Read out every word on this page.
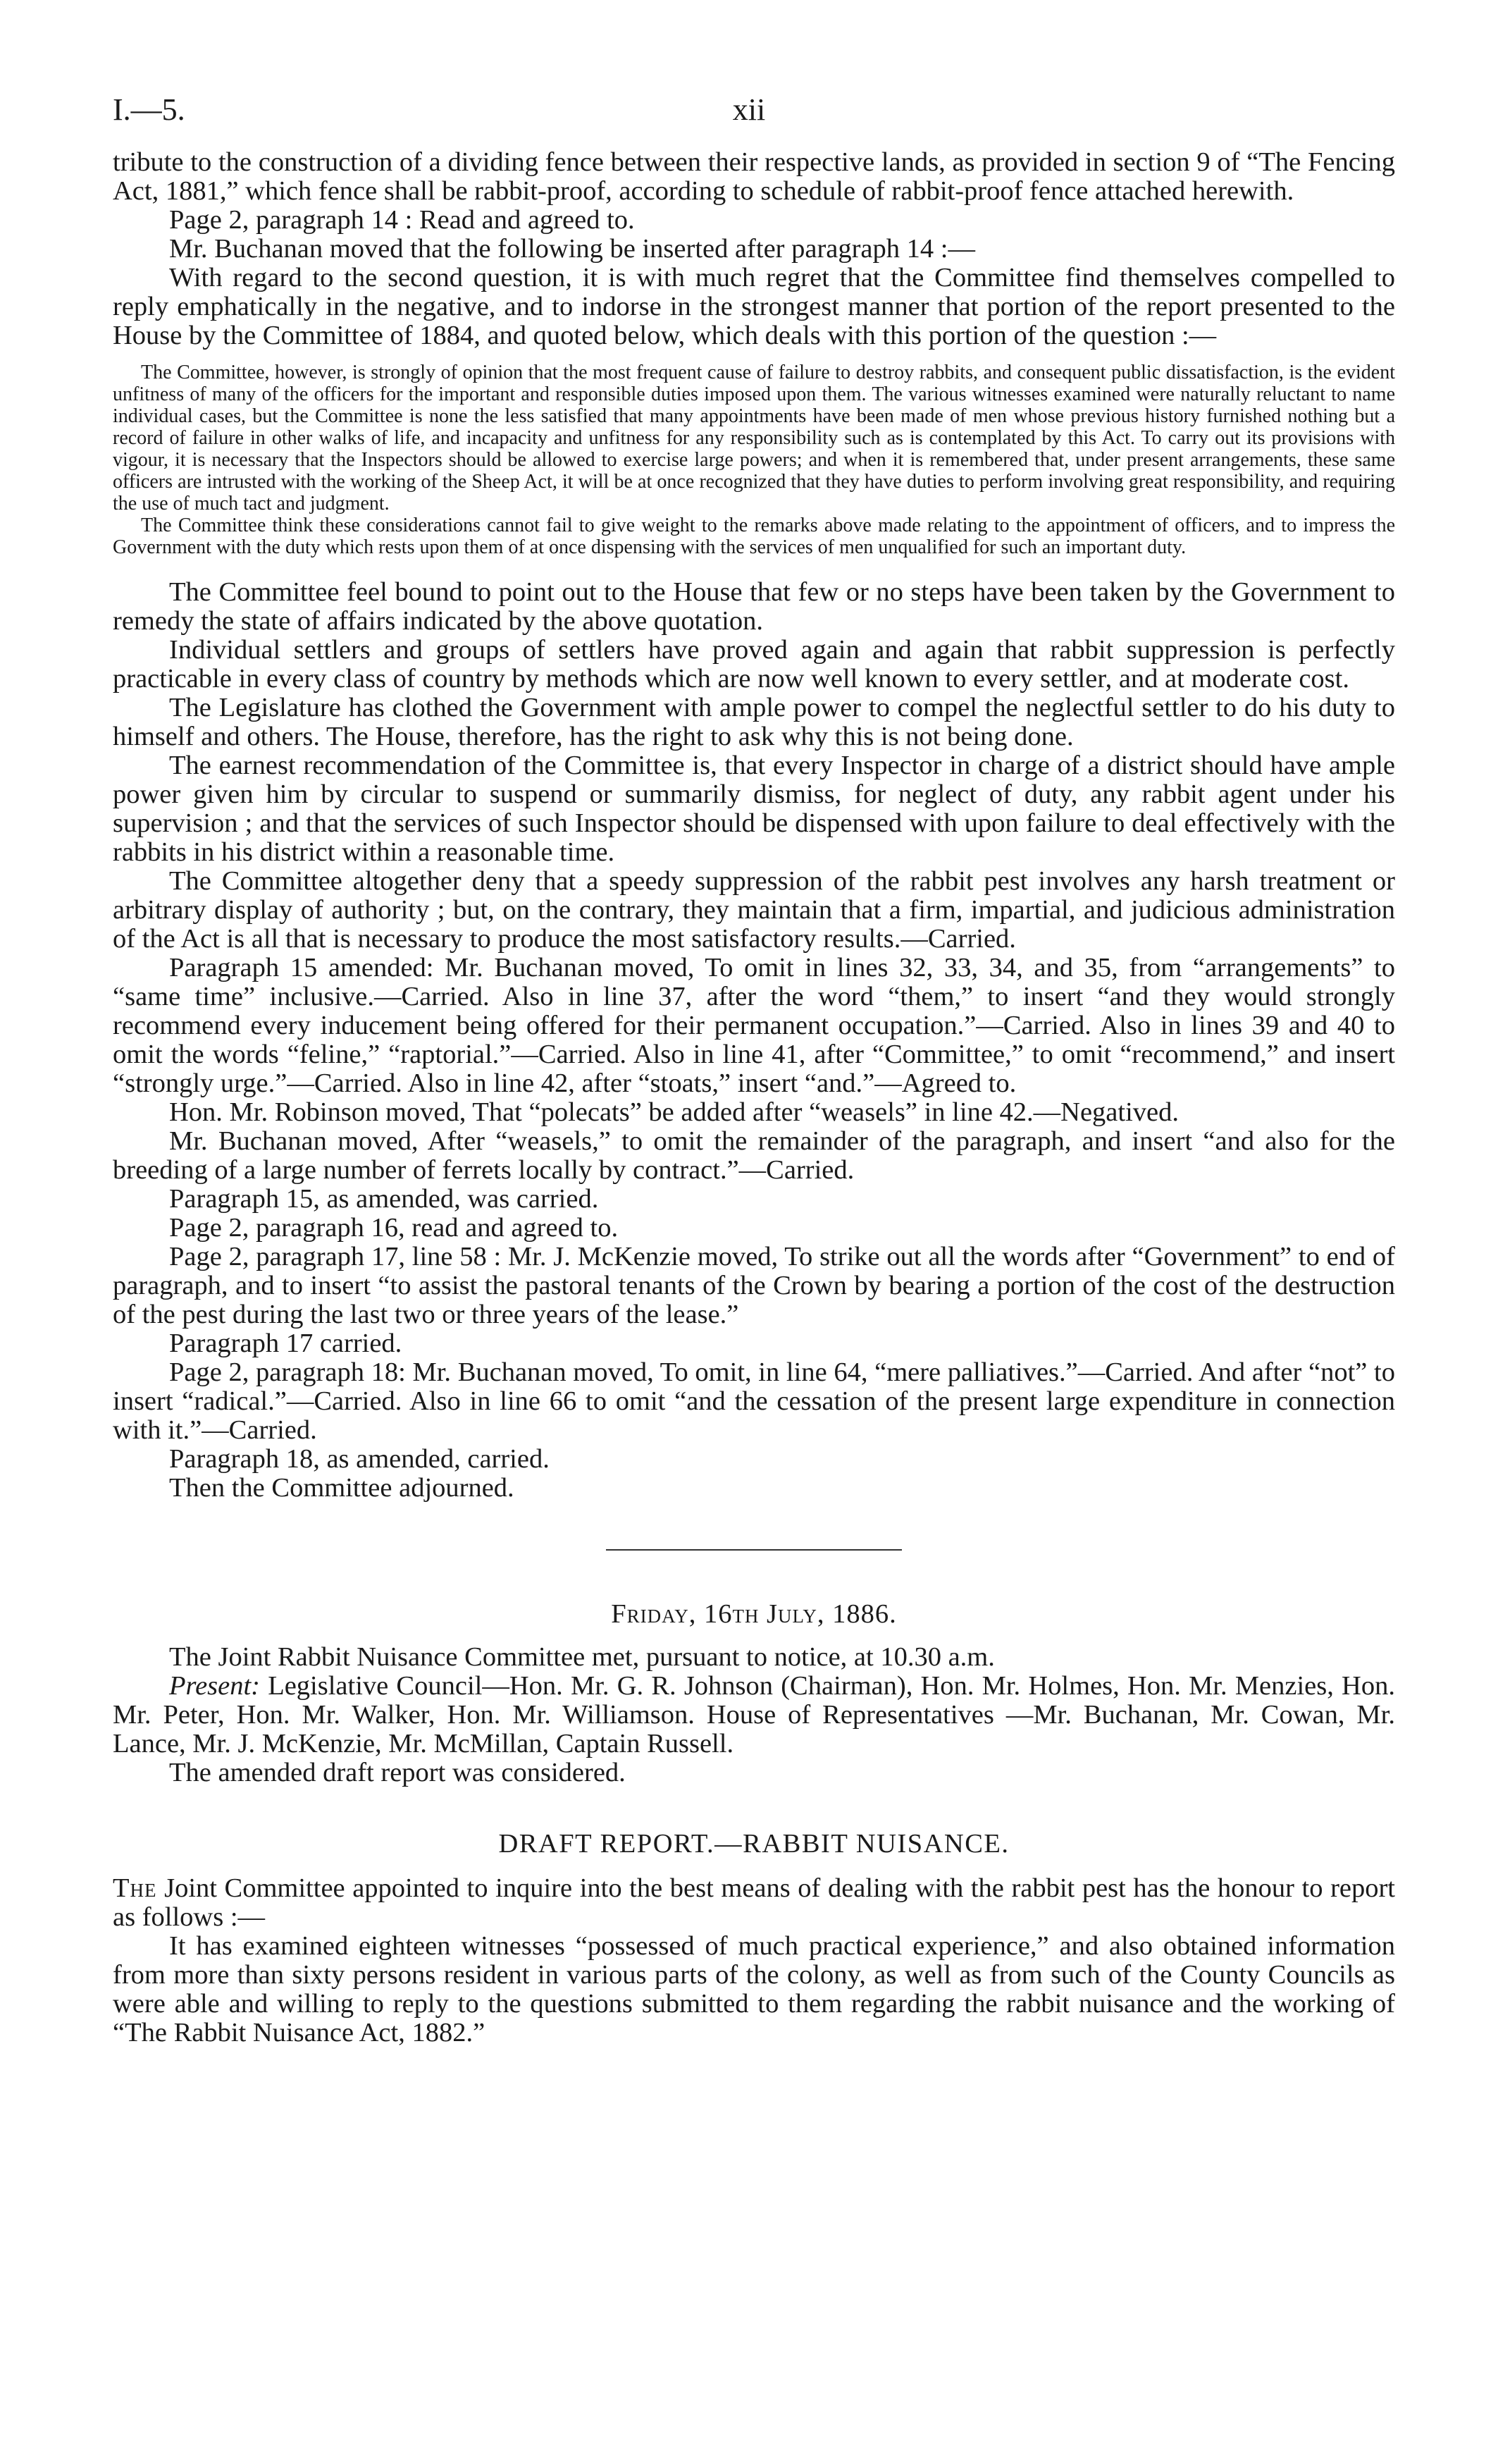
I.—5.	xii

tribute to the construction of a dividing fence between their respective lands, as provided in section 9 of “The Fencing Act, 1881,” which fence shall be rabbit-proof, according to schedule of rabbit-proof fence attached herewith.

Page 2, paragraph 14 : Read and agreed to.

Mr. Buchanan moved that the following be inserted after paragraph 14 :—

With regard to the second question, it is with much regret that the Committee find themselves compelled to reply emphatically in the negative, and to indorse in the strongest manner that portion of the report presented to the House by the Committee of 1884, and quoted below, which deals with this portion of the question :—

The Committee, however, is strongly of opinion that the most frequent cause of failure to destroy rabbits, and consequent public dissatisfaction, is the evident unfitness of many of the officers for the important and responsible duties imposed upon them. The various witnesses examined were naturally reluctant to name individual cases, but the Committee is none the less satisfied that many appointments have been made of men whose previous history furnished nothing but a record of failure in other walks of life, and incapacity and unfitness for any responsibility such as is contemplated by this Act. To carry out its provisions with vigour, it is necessary that the Inspectors should be allowed to exercise large powers; and when it is remembered that, under present arrangements, these same officers are intrusted with the working of the Sheep Act, it will be at once recognized that they have duties to perform involving great responsibility, and requiring the use of much tact and judgment.

The Committee think these considerations cannot fail to give weight to the remarks above made relating to the appointment of officers, and to impress the Government with the duty which rests upon them of at once dispensing with the services of men unqualified for such an important duty.

The Committee feel bound to point out to the House that few or no steps have been taken by the Government to remedy the state of affairs indicated by the above quotation.

Individual settlers and groups of settlers have proved again and again that rabbit suppression is perfectly practicable in every class of country by methods which are now well known to every settler, and at moderate cost.

The Legislature has clothed the Government with ample power to compel the neglectful settler to do his duty to himself and others. The House, therefore, has the right to ask why this is not being done.

The earnest recommendation of the Committee is, that every Inspector in charge of a district should have ample power given him by circular to suspend or summarily dismiss, for neglect of duty, any rabbit agent under his supervision ; and that the services of such Inspector should be dispensed with upon failure to deal effectively with the rabbits in his district within a reasonable time.

The Committee altogether deny that a speedy suppression of the rabbit pest involves any harsh treatment or arbitrary display of authority ; but, on the contrary, they maintain that a firm, impartial, and judicious administration of the Act is all that is necessary to produce the most satisfactory results.—Carried.

Paragraph 15 amended: Mr. Buchanan moved, To omit in lines 32, 33, 34, and 35, from “arrangements” to “same time” inclusive.—Carried. Also in line 37, after the word “them,” to insert “and they would strongly recommend every inducement being offered for their permanent occupation.”—Carried. Also in lines 39 and 40 to omit the words “feline,” “raptorial.”—Carried. Also in line 41, after “Committee,” to omit “recommend,” and insert “strongly urge.”—Carried. Also in line 42, after “stoats,” insert “and.”—Agreed to.

Hon. Mr. Robinson moved, That “polecats” be added after “weasels” in line 42.—Negatived.

Mr. Buchanan moved, After “weasels,” to omit the remainder of the paragraph, and insert “and also for the breeding of a large number of ferrets locally by contract.”—Carried.

Paragraph 15, as amended, was carried.

Page 2, paragraph 16, read and agreed to.

Page 2, paragraph 17, line 58 : Mr. J. McKenzie moved, To strike out all the words after “Government” to end of paragraph, and to insert “to assist the pastoral tenants of the Crown by bearing a portion of the cost of the destruction of the pest during the last two or three years of the lease.”

Paragraph 17 carried.

Page 2, paragraph 18: Mr. Buchanan moved, To omit, in line 64, “mere palliatives.”—Carried. And after “not” to insert “radical.”—Carried. Also in line 66 to omit “and the cessation of the present large expenditure in connection with it.”—Carried.

Paragraph 18, as amended, carried.

Then the Committee adjourned.

Friday, 16th July, 1886.

The Joint Rabbit Nuisance Committee met, pursuant to notice, at 10.30 a.m.

Present: Legislative Council—Hon. Mr. G. R. Johnson (Chairman), Hon. Mr. Holmes, Hon. Mr. Menzies, Hon. Mr. Peter, Hon. Mr. Walker, Hon. Mr. Williamson. House of Representatives —Mr. Buchanan, Mr. Cowan, Mr. Lance, Mr. J. McKenzie, Mr. McMillan, Captain Russell.

The amended draft report was considered.

DRAFT REPORT.—RABBIT NUISANCE.

The Joint Committee appointed to inquire into the best means of dealing with the rabbit pest has the honour to report as follows :—

It has examined eighteen witnesses “possessed of much practical experience,” and also obtained information from more than sixty persons resident in various parts of the colony, as well as from such of the County Councils as were able and willing to reply to the questions submitted to them regarding the rabbit nuisance and the working of “The Rabbit Nuisance Act, 1882.”
